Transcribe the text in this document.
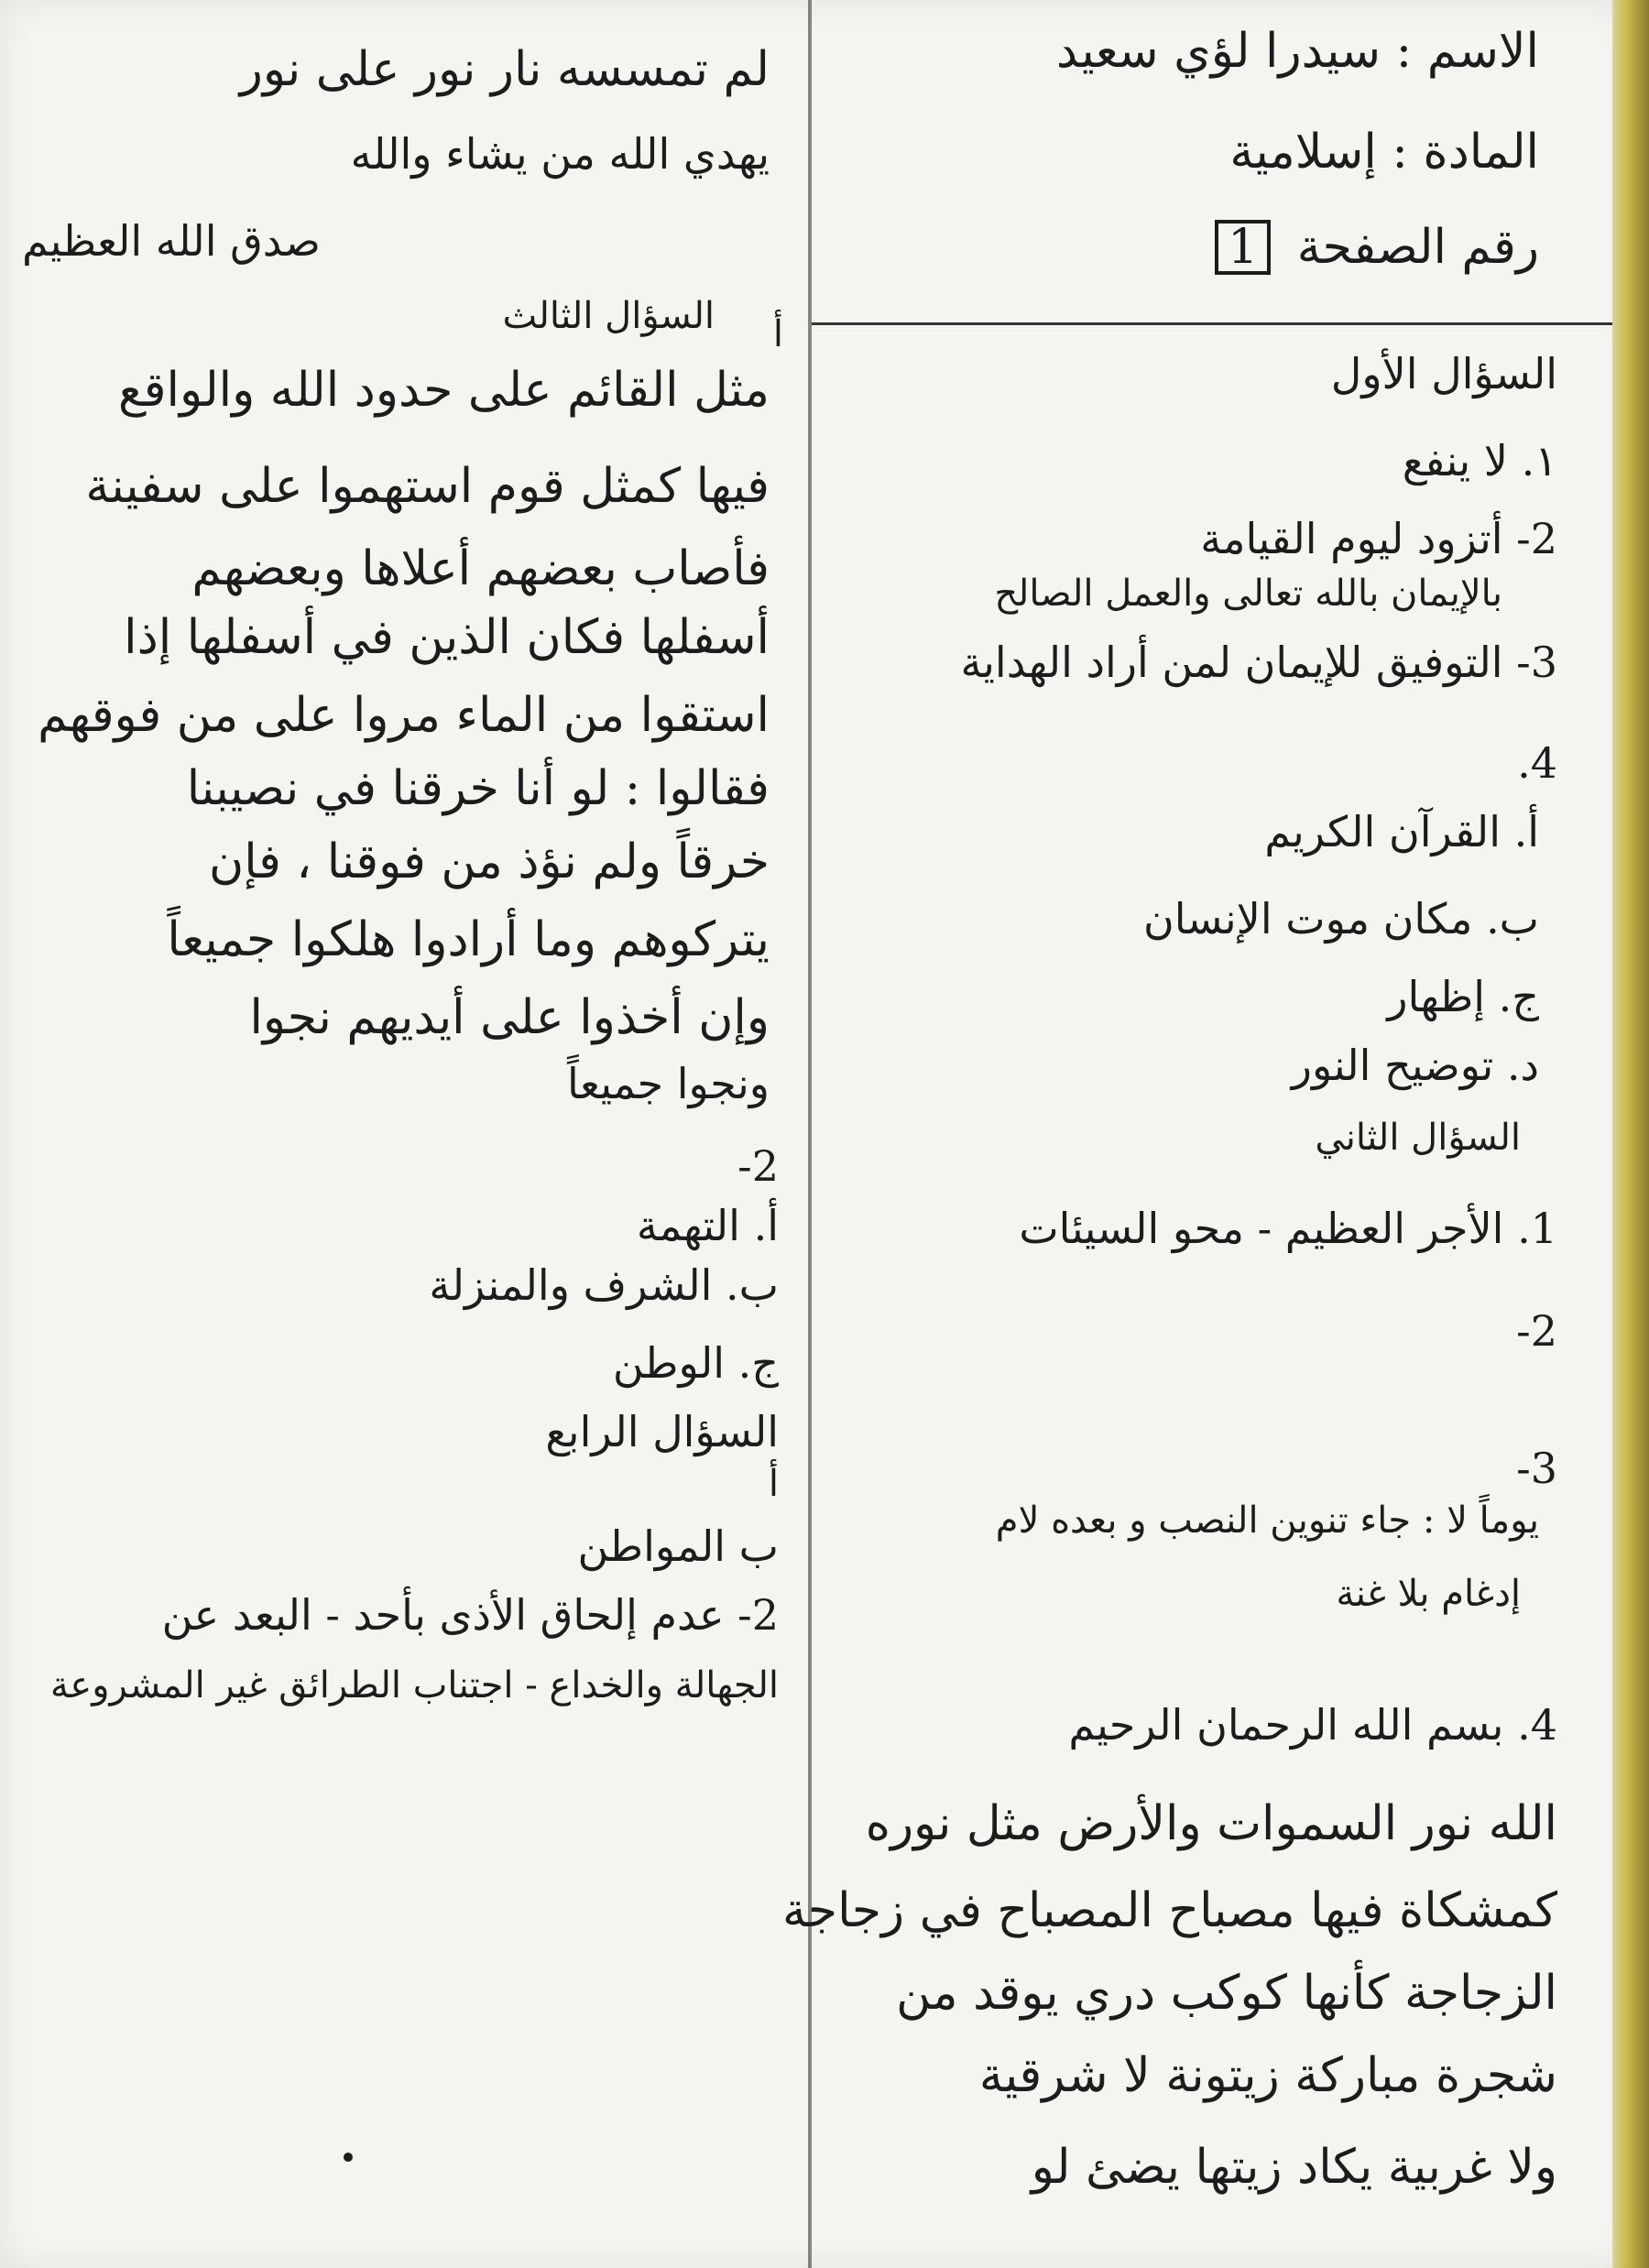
الاسم : سيدرا لؤي سعيد
المادة : إسلامية
رقم الصفحة 1
السؤال الأول
١. لا ينفع
2- أتزود ليوم القيامة
بالإيمان بالله تعالى والعمل الصالح
3- التوفيق للإيمان لمن أراد الهداية
4.
أ. القرآن الكريم
ب. مكان موت الإنسان
ج. إظهار
د. توضيح النور
السؤال الثاني
1. الأجر العظيم - محو السيئات
2-
3-
يوماً لا : جاء تنوين النصب و بعده لام
إدغام بلا غنة
4. بسم الله الرحمان الرحيم
الله نور السموات والأرض مثل نوره
كمشكاة فيها مصباح المصباح في زجاجة
الزجاجة كأنها كوكب دري يوقد من
شجرة مباركة زيتونة لا شرقية
ولا غربية يكاد زيتها يضئ لو
لم تمسسه نار نور على نور
يهدي الله من يشاء والله
صدق الله العظيم
السؤال الثالث أ
مثل القائم على حدود الله والواقع
فيها كمثل قوم استهموا على سفينة
فأصاب بعضهم أعلاها وبعضهم
أسفلها فكان الذين في أسفلها إذا
استقوا من الماء مروا على من فوقهم
فقالوا : لو أنا خرقنا في نصيبنا
خرقاً ولم نؤذ من فوقنا ، فإن
يتركوهم وما أرادوا هلكوا جميعاً
وإن أخذوا على أيديهم نجوا
ونجوا جميعاً
2-
أ. التهمة
ب. الشرف والمنزلة
ج. الوطن
السؤال الرابع
أ
ب المواطن
2- عدم إلحاق الأذى بأحد - البعد عن
الجهالة والخداع - اجتناب الطرائق غير المشروعة
